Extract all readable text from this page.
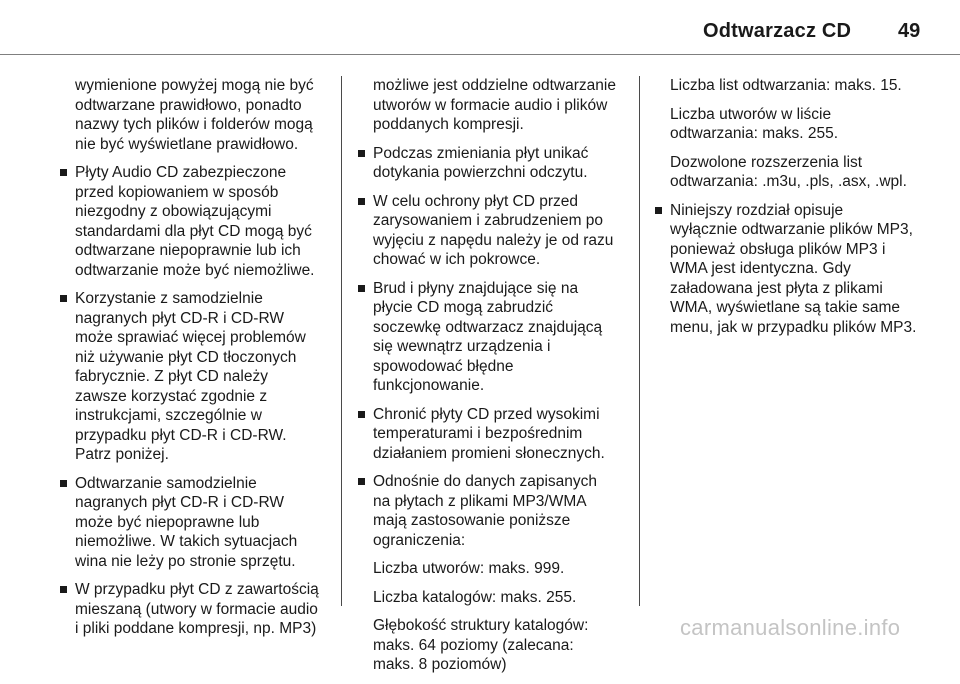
Odtwarzacz CD 49

wymienione powyżej mogą nie być
odtwarzane prawidłowo, ponadto
nazwy tych plików i folderów mogą
nie być wyświetlane prawidłowo.

Płyty Audio CD zabezpieczone
przed kopiowaniem w sposób
niezgodny z obowiązującymi
standardami dla płyt CD mogą być
odtwarzane niepoprawnie lub ich
odtwarzanie może być niemożliwe.

Korzystanie z samodzielnie
nagranych płyt CD-R i CD-RW
może sprawiać więcej problemów
niż używanie płyt CD tłoczonych
fabrycznie. Z płyt CD należy
zawsze korzystać zgodnie z
instrukcjami, szczególnie w
przypadku płyt CD-R i CD-RW.
Patrz poniżej.

Odtwarzanie samodzielnie
nagranych płyt CD-R i CD-RW
może być niepoprawne lub
niemożliwe. W takich sytuacjach
wina nie leży po stronie sprzętu.

W przypadku płyt CD z zawartością
mieszaną (utwory w formacie audio
i pliki poddane kompresji, np. MP3)

możliwe jest oddzielne odtwarzanie
utworów w formacie audio i plików
poddanych kompresji.

Podczas zmieniania płyt unikać
dotykania powierzchni odczytu.

W celu ochrony płyt CD przed
zarysowaniem i zabrudzeniem po
wyjęciu z napędu należy je od razu
chować w ich pokrowce.

Brud i płyny znajdujące się na
płycie CD mogą zabrudzić
soczewkę odtwarzacz znajdującą
się wewnątrz urządzenia i
spowodować błędne
funkcjonowanie.

Chronić płyty CD przed wysokimi
temperaturami i bezpośrednim
działaniem promieni słonecznych.

Odnośnie do danych zapisanych
na płytach z plikami MP3/WMA
mają zastosowanie poniższe
ograniczenia:

Liczba utworów: maks. 999.

Liczba katalogów: maks. 255.

Głębokość struktury katalogów:
maks. 64 poziomy (zalecana:
maks. 8 poziomów)

Liczba list odtwarzania: maks. 15.

Liczba utworów w liście
odtwarzania: maks. 255.

Dozwolone rozszerzenia list
odtwarzania: .m3u, .pls, .asx, .wpl.

Niniejszy rozdział opisuje
wyłącznie odtwarzanie plików MP3,
ponieważ obsługa plików MP3 i
WMA jest identyczna. Gdy
załadowana jest płyta z plikami
WMA, wyświetlane są takie same
menu, jak w przypadku plików MP3.

carmanualsonline.info
